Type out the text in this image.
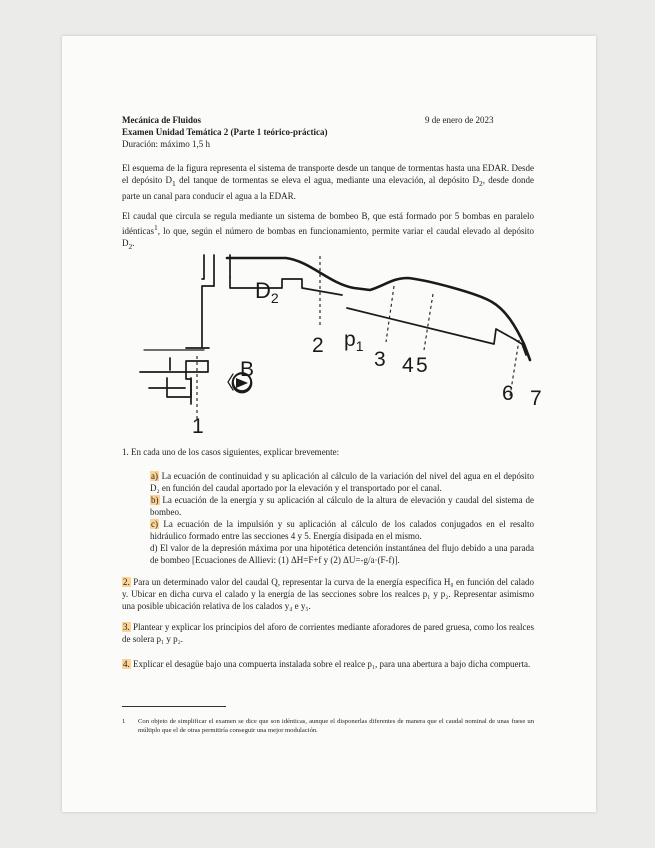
Mecánica de Fluidos	9 de enero de 2023
Examen Unidad Temática 2 (Parte 1 teórico-práctica)
Duración: máximo 1,5 h
El esquema de la figura representa el sistema de transporte desde un tanque de tormentas hasta una EDAR. Desde el depósito $D_1$ del tanque de tormentas se eleva el agua, mediante una elevación, al depósito $D_2$, desde donde parte un canal para conducir el agua a la EDAR.
El caudal que circula se regula mediante un sistema de bombeo B, que está formado por 5 bombas en paralelo idénticas$^1$, lo que, según el número de bombas en funcionamiento, permite variar el caudal elevado al depósito $D_2$.
$D_2$
B
2 $p_1$
3 4 5
6 7
1
1. En cada uno de los casos siguientes, explicar brevemente:
a) La ecuación de continuidad y su aplicación al cálculo de la variación del nivel del agua en el depósito D₂ en función del caudal aportado por la elevación y el transportado por el canal.
b) La ecuación de la energía y su aplicación al cálculo de la altura de elevación y caudal del sistema de bombeo.
c) La ecuación de la impulsión y su aplicación al cálculo de los calados conjugados en el resalto hidráulico formado entre las secciones 4 y 5. Energía disipada en el mismo.
d) El valor de la depresión máxima por una hipotética detención instantánea del flujo debido a una parada de bombeo [Ecuaciones de Allievi: (1) ΔH=F+f y (2) ΔU=-g/a·(F-f)].
2. Para un determinado valor del caudal Q, representar la curva de la energía específica H₀ en función del calado y. Ubicar en dicha curva el calado y la energía de las secciones sobre los realces p₁ y p₂. Representar asimismo una posible ubicación relativa de los calados y₄ e y₅.
3. Plantear y explicar los principios del aforo de corrientes mediante aforadores de pared gruesa, como los realces de solera p₁ y p₂.
4. Explicar el desagüe bajo una compuerta instalada sobre el realce p₁, para una abertura a bajo dicha compuerta.
1	Con objeto de simplificar el examen se dice que son idénticas, aunque el disponerlas diferentes de manera que el caudal nominal de unas fuese un múltiplo que el de otras permitiría conseguir una mejor modulación.
